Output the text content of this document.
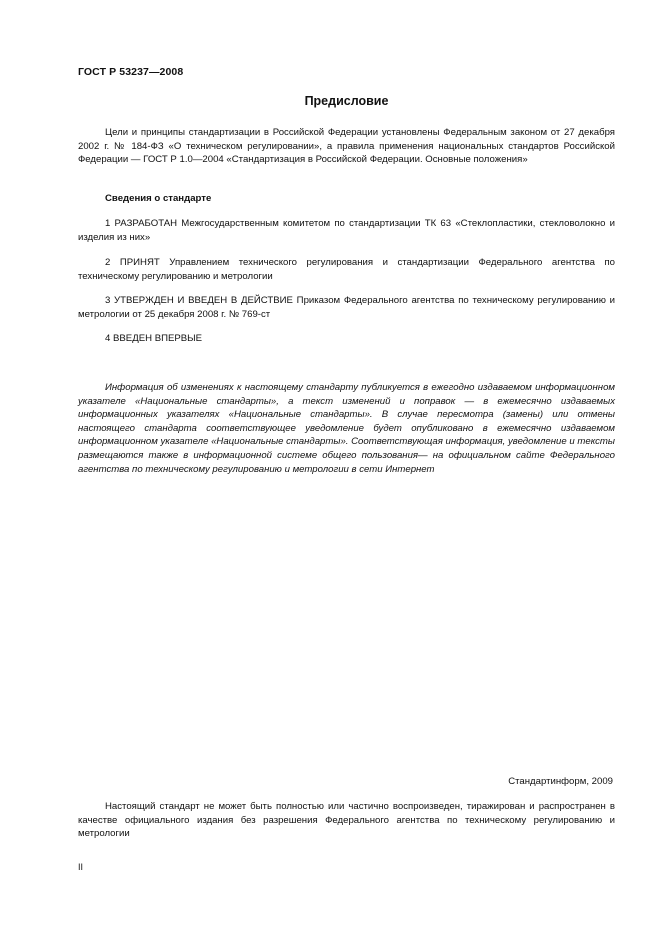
ГОСТ Р 53237—2008
Предисловие

Цели и принципы стандартизации в Российской Федерации установлены Федеральным законом от 27 декабря 2002 г. № 184-ФЗ «О техническом регулировании», а правила применения национальных стандартов Российской Федерации — ГОСТ Р 1.0—2004 «Стандартизация в Российской Федерации. Основные положения»

Сведения о стандарте

1 РАЗРАБОТАН Межгосударственным комитетом по стандартизации ТК 63 «Стеклопластики, стекловолокно и изделия из них»

2 ПРИНЯТ Управлением технического регулирования и стандартизации Федерального агентства по техническому регулированию и метрологии

3 УТВЕРЖДЕН И ВВЕДЕН В ДЕЙСТВИЕ Приказом Федерального агентства по техническому регулированию и метрологии от 25 декабря 2008 г. № 769-ст

4 ВВЕДЕН ВПЕРВЫЕ

Информация об изменениях к настоящему стандарту публикуется в ежегодно издаваемом информационном указателе «Национальные стандарты», а текст изменений и поправок — в ежемесячно издаваемых информационных указателях «Национальные стандарты». В случае пересмотра (замены) или отмены настоящего стандарта соответствующее уведомление будет опубликовано в ежемесячно издаваемом информационном указателе «Национальные стандарты». Соответствующая информация, уведомление и тексты размещаются также в информационной системе общего пользования— на официальном сайте Федерального агентства по техническому регулированию и метрологии в сети Интернет

Стандартинформ, 2009

Настоящий стандарт не может быть полностью или частично воспроизведен, тиражирован и распространен в качестве официального издания без разрешения Федерального агентства по техническому регулированию и метрологии

II
